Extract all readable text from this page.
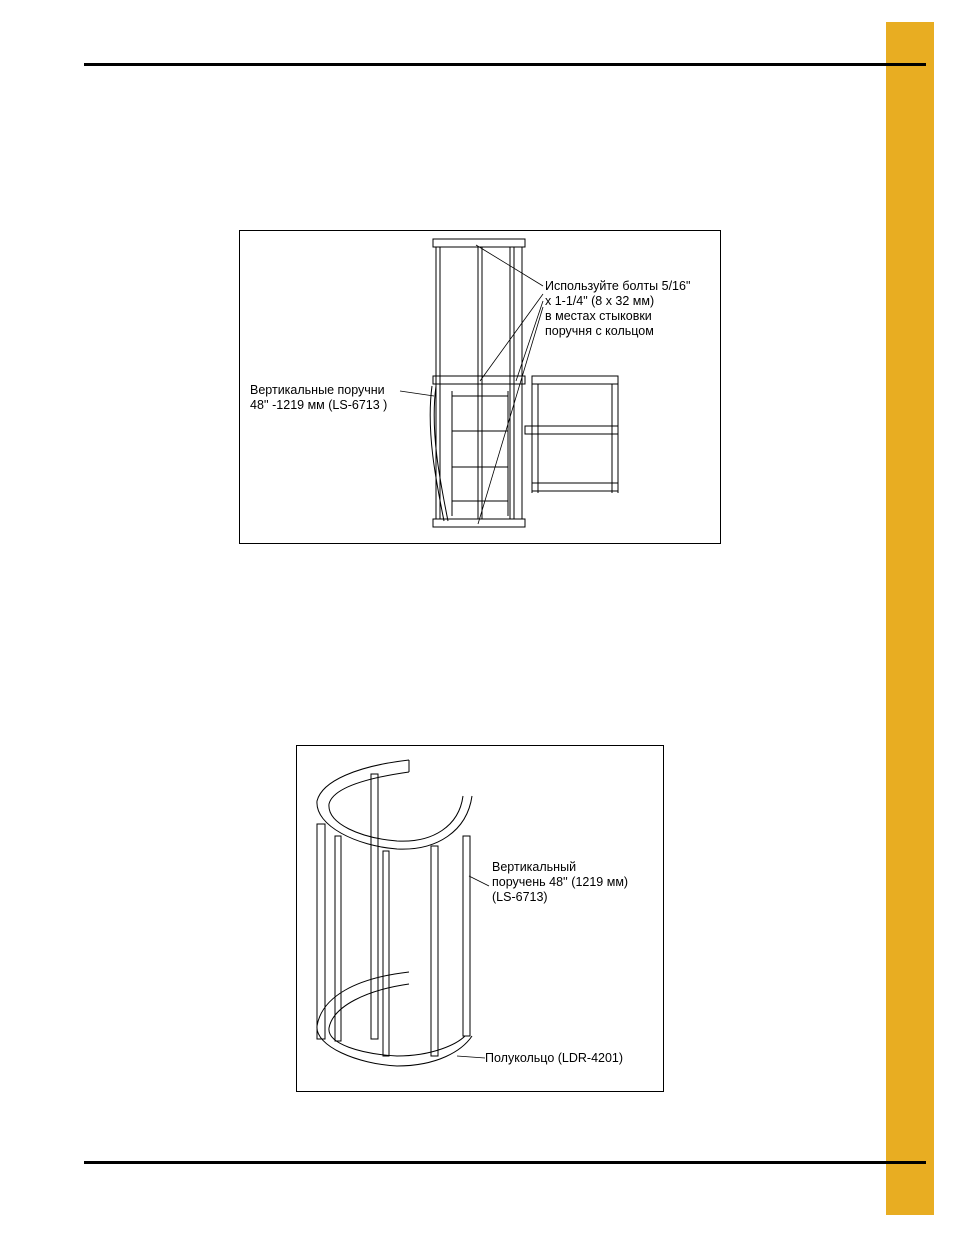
Используйте болты 5/16"
х 1-1/4" (8 х 32 мм)
в местах стыковки
поручня с кольцом
Вертикальные поручни
48'' -1219 мм (LS-6713 )
Вертикальный
поручень 48'' (1219 мм)
(LS-6713)
Полукольцо (LDR-4201)
